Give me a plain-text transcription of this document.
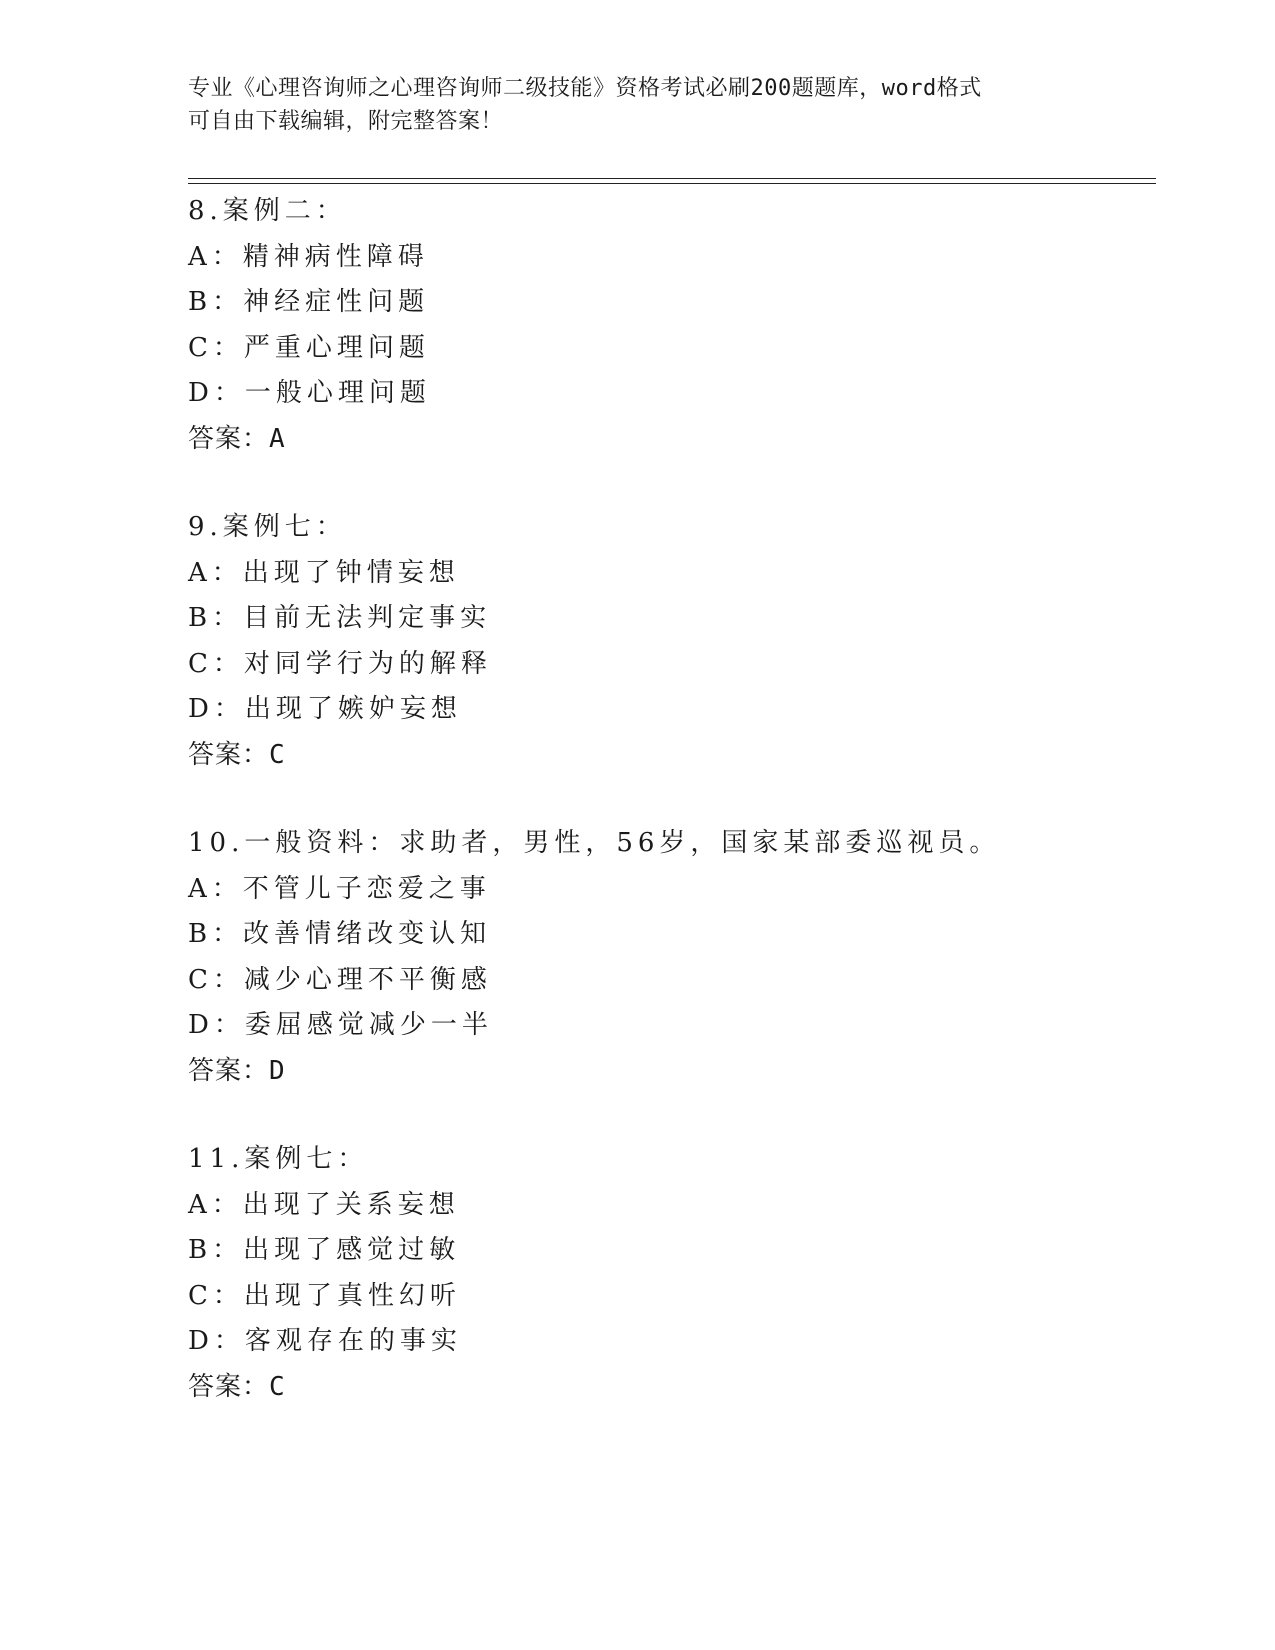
专业《心理咨询师之心理咨询师二级技能》资格考试必刷200题题库，word格式
可自由下载编辑，附完整答案！
8.案例二：
A：精神病性障碍
B：神经症性问题
C：严重心理问题
D：一般心理问题
答案：A
9.案例七：
A：出现了钟情妄想
B：目前无法判定事实
C：对同学行为的解释
D：出现了嫉妒妄想
答案：C
10.一般资料：求助者，男性，56岁，国家某部委巡视员。
A：不管儿子恋爱之事
B：改善情绪改变认知
C：减少心理不平衡感
D：委屈感觉减少一半
答案：D
11.案例七：
A：出现了关系妄想
B：出现了感觉过敏
C：出现了真性幻听
D：客观存在的事实
答案：C
